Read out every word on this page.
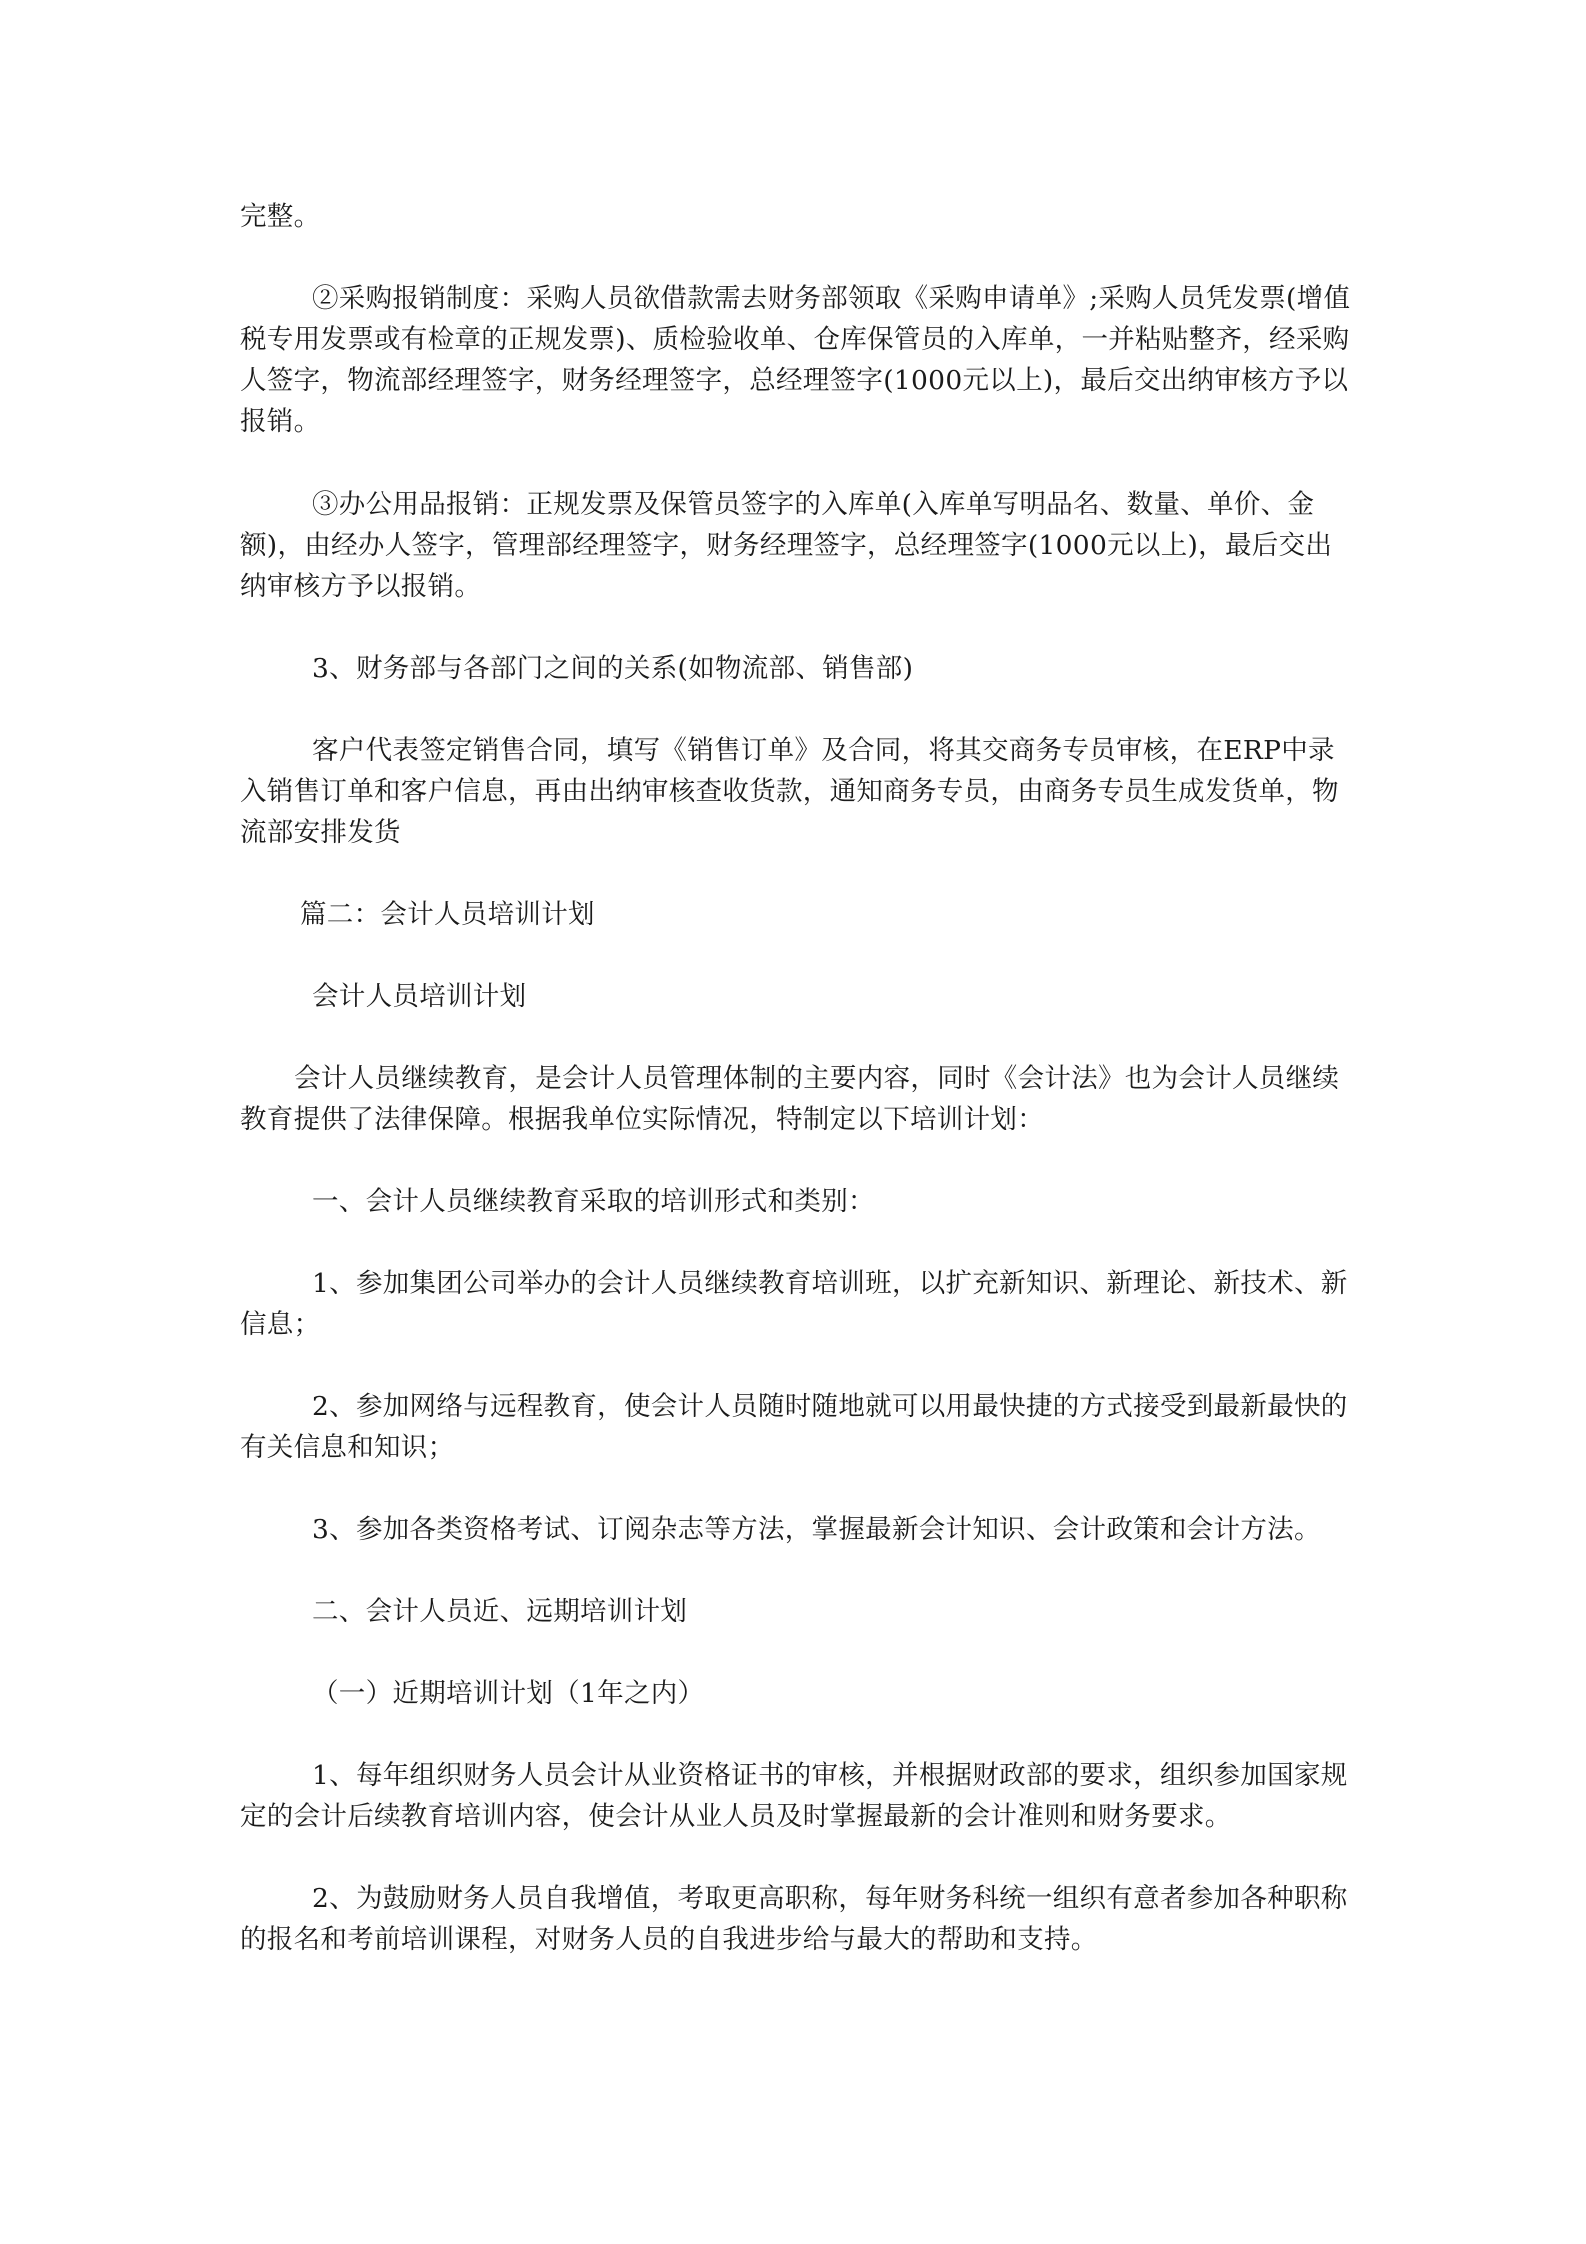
完整。

②采购报销制度：采购人员欲借款需去财务部领取《采购申请单》;采购人员凭发票(增值税专用发票或有检章的正规发票)、质检验收单、仓库保管员的入库单，一并粘贴整齐，经采购人签字，物流部经理签字，财务经理签字，总经理签字(1000元以上)，最后交出纳审核方予以报销。

③办公用品报销：正规发票及保管员签字的入库单(入库单写明品名、数量、单价、金额)，由经办人签字，管理部经理签字，财务经理签字，总经理签字(1000元以上)，最后交出纳审核方予以报销。

3、财务部与各部门之间的关系(如物流部、销售部)

客户代表签定销售合同，填写《销售订单》及合同，将其交商务专员审核，在ERP中录入销售订单和客户信息，再由出纳审核查收货款，通知商务专员，由商务专员生成发货单，物流部安排发货

篇二：会计人员培训计划

会计人员培训计划

会计人员继续教育，是会计人员管理体制的主要内容，同时《会计法》也为会计人员继续教育提供了法律保障。根据我单位实际情况，特制定以下培训计划：

一、会计人员继续教育采取的培训形式和类别：

1、参加集团公司举办的会计人员继续教育培训班，以扩充新知识、新理论、新技术、新信息；

2、参加网络与远程教育，使会计人员随时随地就可以用最快捷的方式接受到最新最快的有关信息和知识；

3、参加各类资格考试、订阅杂志等方法，掌握最新会计知识、会计政策和会计方法。

二、会计人员近、远期培训计划

（一）近期培训计划（1年之内）

1、每年组织财务人员会计从业资格证书的审核，并根据财政部的要求，组织参加国家规定的会计后续教育培训内容，使会计从业人员及时掌握最新的会计准则和财务要求。

2、为鼓励财务人员自我增值，考取更高职称，每年财务科统一组织有意者参加各种职称的报名和考前培训课程，对财务人员的自我进步给与最大的帮助和支持。
